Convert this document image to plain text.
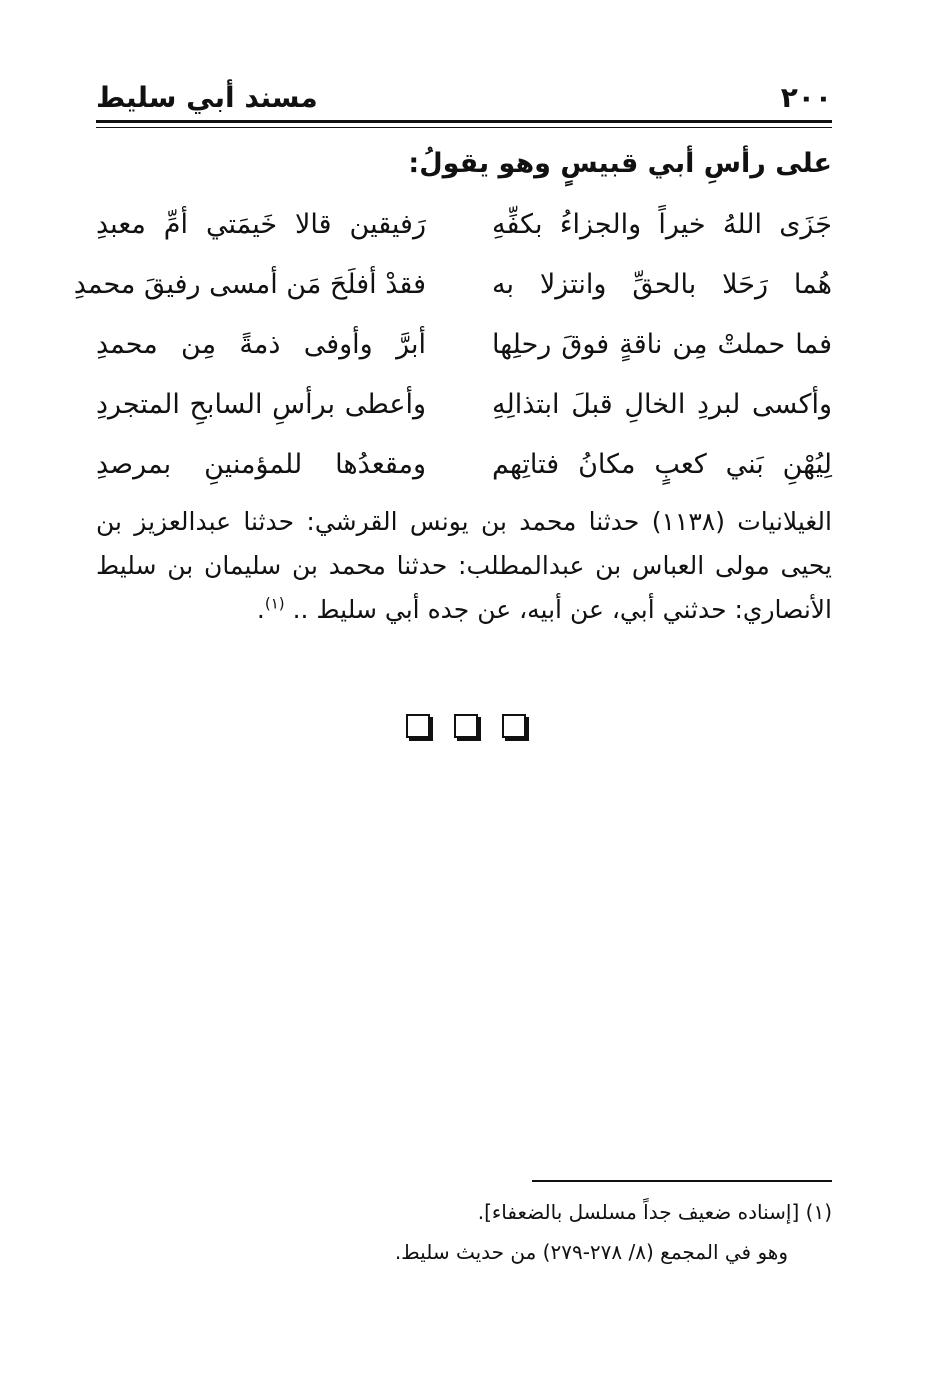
٢٠٠
مسند أبي سليط
على رأسِ أبي قبيسٍ وهو يقولُ:
جَزَى اللهُ خيراً والجزاءُ بكفِّهِ
رَفيقين قالا خَيمَتي أمِّ معبدِ
هُما رَحَلا بالحقِّ وانتزلا به
فقدْ أفلَحَ مَن أمسى رفيقَ محمدِ
فما حملتْ مِن ناقةٍ فوقَ رحلِها
أبرَّ وأوفى ذمةً مِن محمدِ
وأكسى لبردِ الخالِ قبلَ ابتذالِهِ
وأعطى برأسِ السابحِ المتجردِ
لِيُهْنِ بَني كعبٍ مكانُ فتاتِهم
ومقعدُها للمؤمنينِ بمرصدِ
الغيلانيات (١١٣٨) حدثنا محمد بن يونس القرشي: حدثنا عبدالعزيز بن يحيى مولى العباس بن عبدالمطلب: حدثنا محمد بن سليمان بن سليط الأنصاري: حدثني أبي، عن أبيه، عن جده أبي سليط .. $^{(١)}$.
(١) [إسناده ضعيف جداً مسلسل بالضعفاء].
وهو في المجمع (٨/ ٢٧٨-٢٧٩) من حديث سليط.
